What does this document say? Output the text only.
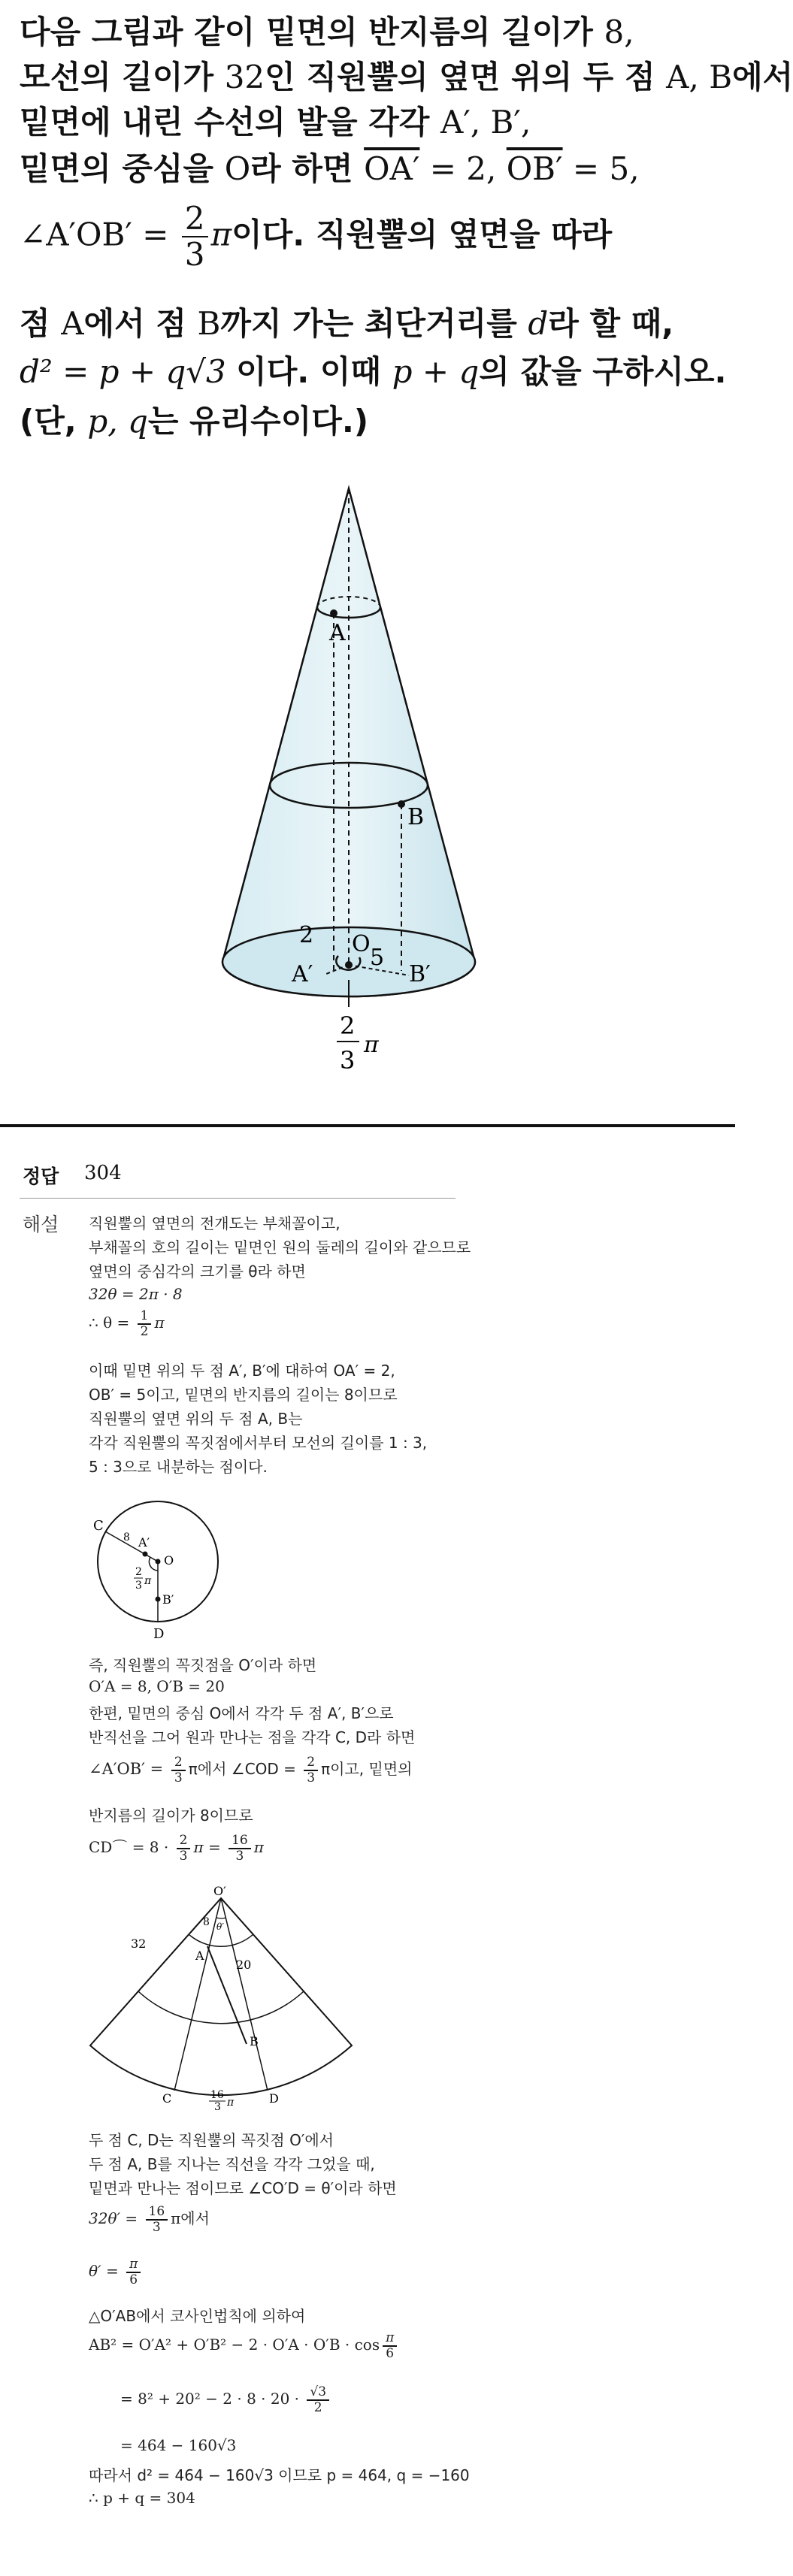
다음 그림과 같이 밑면의 반지름의 길이가 8,
모선의 길이가 32인 직원뿔의 옆면 위의 두 점 A, B에서
밑면에 내린 수선의 발을 각각 A′, B′,
밑면의 중심을 O라 하면 OA′ = 2, OB′ = 5,
∠A′OB′ = $\frac{2}{3}$ π이다. 직원뿔의 옆면을 따라
점 A에서 점 B까지 가는 최단거리를 d라 할 때,
d² = p + q√3 이다. 이때 p + q의 값을 구하시오.
(단, p, q는 유리수이다.)
A
B
O
2
5
A′	B′
2
3
π
정답 304
해설 직원뿔의 옆면의 전개도는 부채꼴이고,
부채꼴의 호의 길이는 밑면인 원의 둘레의 길이와 같으므로
옆면의 중심각의 크기를 θ라 하면
32θ = 2π · 8
∴ $\theta = \frac{1}{2}$ π
이때 밑면 위의 두 점 A′, B′에 대하여 OA′ = 2,
OB′ = 5이고, 밑면의 반지름의 길이는 8이므로
직원뿔의 옆면 위의 두 점 A, B는
각각 직원뿔의 꼭짓점에서부터 모선의 길이를 1 : 3,
5 : 3으로 내분하는 점이다.
C
D
A′
B′
O
8
2
3 π
즉, 직원뿔의 꼭짓점을 O′이라 하면
O′A = 8, O′B = 20
한편, 밑면의 중심 O에서 각각 두 점 A′, B′으로
반직선을 그어 원과 만나는 점을 각각 C, D라 하면
∠A′OB′ = $\frac{2}{3}$ π에서 ∠COD = $\frac{2}{3}$ π이고, 밑면의
반지름의 길이가 8이므로
CD⌒ = $8 \cdot \frac{2}{3}$ $\pi = \frac{16}{3}$ π
O′
A
B
C	D
32
8 θ′
20
16
3 π
두 점 C, D는 직원뿔의 꼭짓점 O′에서
두 점 A, B를 지나는 직선을 각각 그었을 때,
밑면과 만나는 점이므로 ∠CO′D = θ′이라 하면
$32\theta' = \frac{16}{3}$ π에서
$\theta' = \frac{\pi}{6}$
△O′AB에서 코사인법칙에 의하여
$AB^2 = O'A^2 + O'B^2 - 2 \cdot O'A \cdot O'B \cdot \cos \frac{\pi}{6}$
= $8^2 + 20^2 - 2 \cdot 8 \cdot 20 \cdot \frac{√3}{2}$
= 464 − 160√3
따라서 d² = 464 − 160√3 이므로 p = 464, q = −160
∴ p + q = 304
